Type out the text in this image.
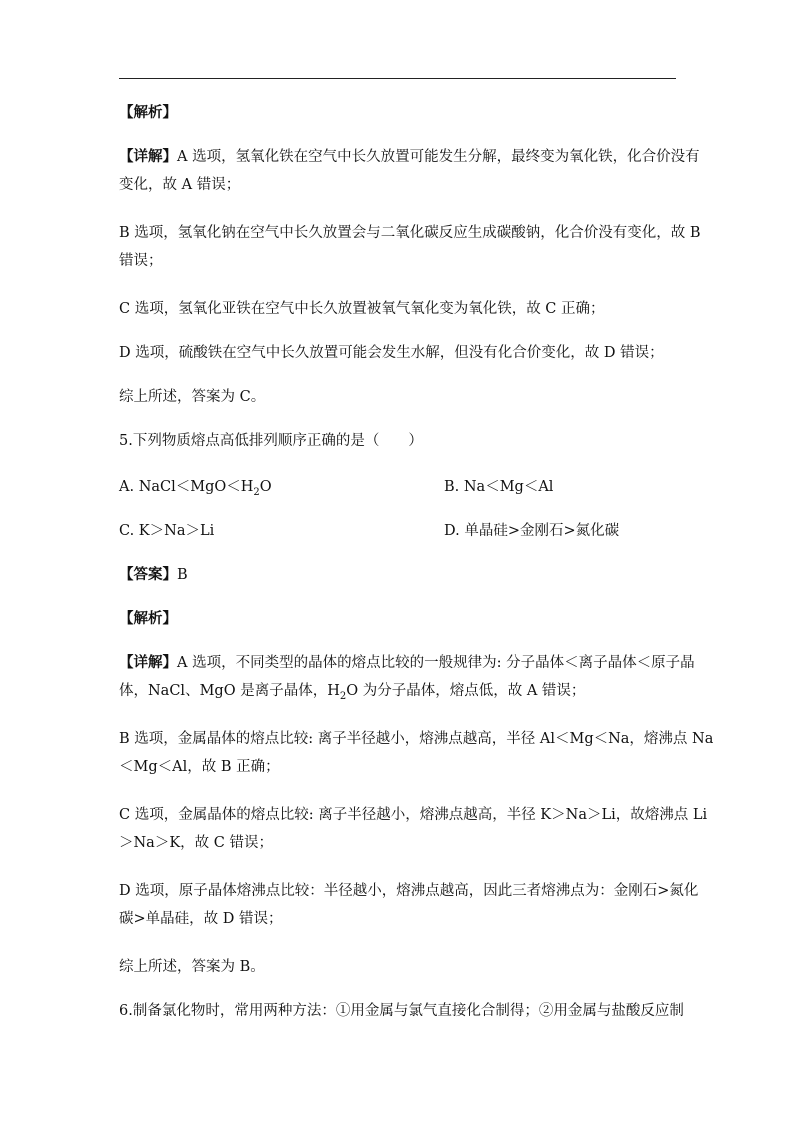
【解析】
【详解】A 选项，氢氧化铁在空气中长久放置可能发生分解，最终变为氧化铁，化合价没有
变化，故 A 错误；
B 选项，氢氧化钠在空气中长久放置会与二氧化碳反应生成碳酸钠，化合价没有变化，故 B
错误；
C 选项，氢氧化亚铁在空气中长久放置被氧气氧化变为氧化铁，故 C 正确；
D 选项，硫酸铁在空气中长久放置可能会发生水解，但没有化合价变化，故 D 错误；
综上所述，答案为 C。
5.下列物质熔点高低排列顺序正确的是（　　）
A. $NaCl<MgO<H_2O$	B. Na＜Mg＜Al
C. K＞Na＞Li	D. 单晶硅>金刚石>氮化碳
【答案】B
【解析】
【详解】A 选项，不同类型的晶体的熔点比较的一般规律为: 分子晶体＜离子晶体＜原子晶
体，NaCl、MgO 是离子晶体，$H_2O$ 为分子晶体，熔点低，故 A 错误；
B 选项，金属晶体的熔点比较: 离子半径越小，熔沸点越高，半径 Al＜Mg＜Na，熔沸点 Na
＜Mg＜Al，故 B 正确；
C 选项，金属晶体的熔点比较: 离子半径越小，熔沸点越高，半径 K＞Na＞Li，故熔沸点 Li
＞Na＞K，故 C 错误；
D 选项，原子晶体熔沸点比较：半径越小，熔沸点越高，因此三者熔沸点为：金刚石>氮化
碳>单晶硅，故 D 错误；
综上所述，答案为 B。
6.制备氯化物时，常用两种方法：①用金属与氯气直接化合制得；②用金属与盐酸反应制
